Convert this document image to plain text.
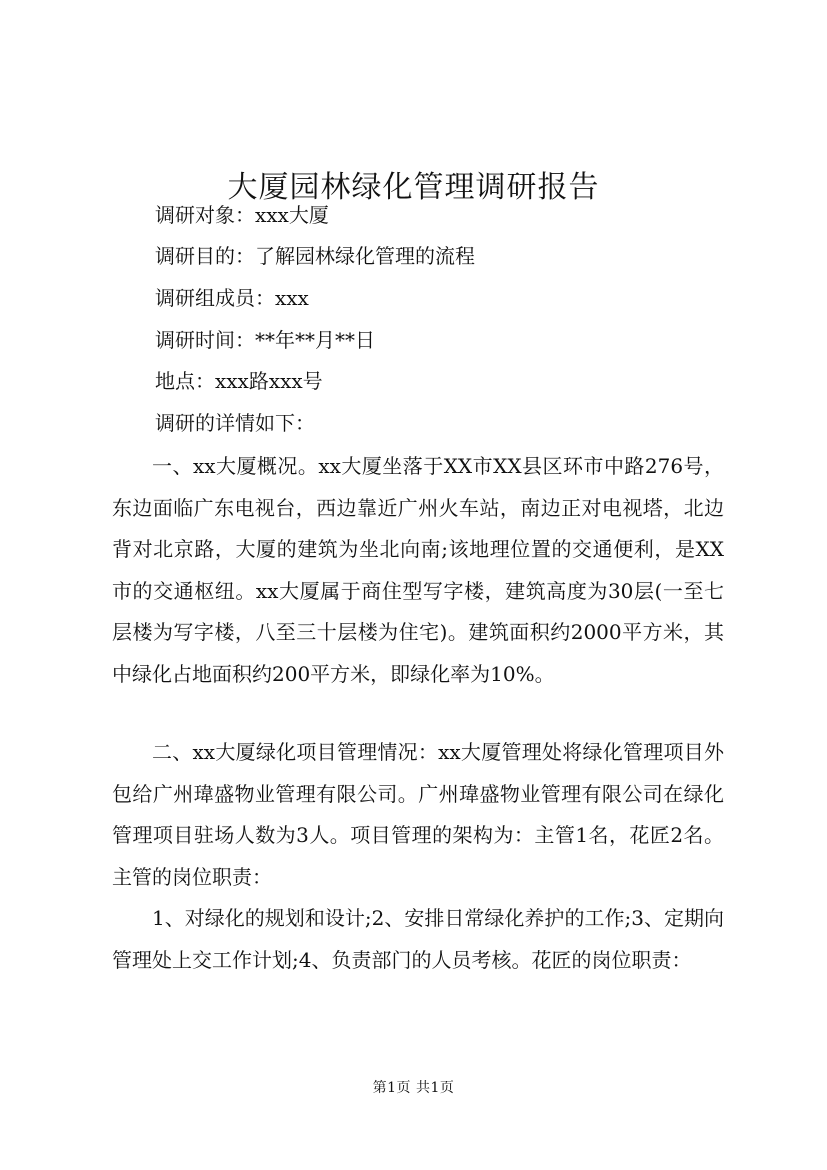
大厦园林绿化管理调研报告
调研对象：xxx大厦
调研目的：了解园林绿化管理的流程
调研组成员：xxx
调研时间：**年**月**日
地点：xxx路xxx号
调研的详情如下：

一、xx大厦概况。xx大厦坐落于XX市XX县区环市中路276号，东边面临广东电视台，西边靠近广州火车站，南边正对电视塔，北边背对北京路，大厦的建筑为坐北向南;该地理位置的交通便利，是XX市的交通枢纽。xx大厦属于商住型写字楼，建筑高度为30层(一至七层楼为写字楼，八至三十层楼为住宅)。建筑面积约2000平方米，其中绿化占地面积约200平方米，即绿化率为10%。

二、xx大厦绿化项目管理情况：xx大厦管理处将绿化管理项目外包给广州瑋盛物业管理有限公司。广州瑋盛物业管理有限公司在绿化管理项目驻场人数为3人。项目管理的架构为：主管1名，花匠2名。主管的岗位职责：

1、对绿化的规划和设计;2、安排日常绿化养护的工作;3、定期向管理处上交工作计划;4、负责部门的人员考核。花匠的岗位职责：

第1页 共1页
